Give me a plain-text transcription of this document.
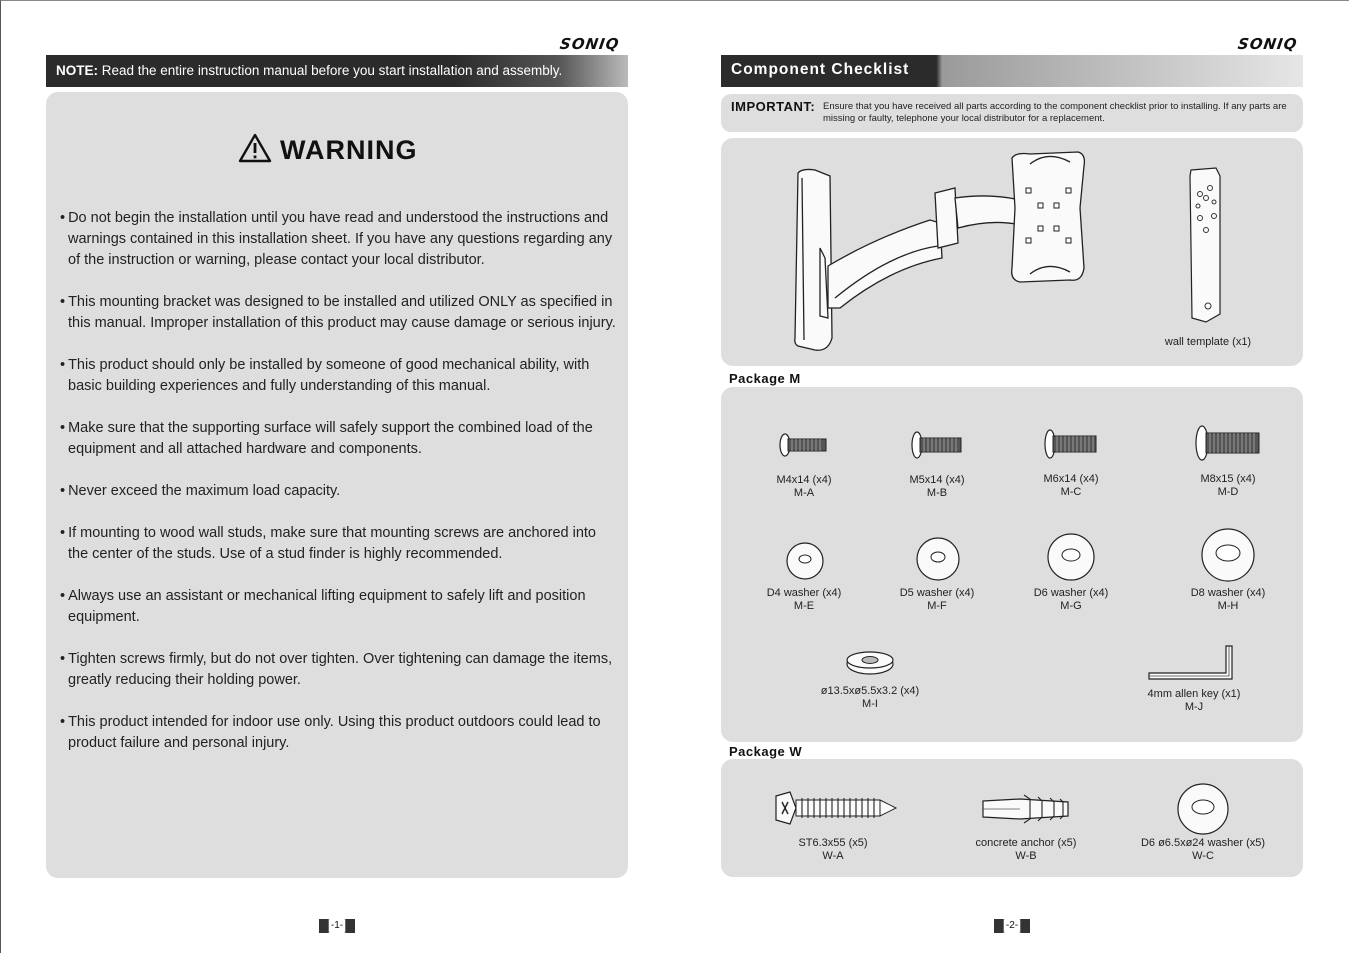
SONIQ
NOTE: Read the entire instruction manual before you start installation and assembly.
WARNING
• Do not begin the installation until you have read and understood the instructions and warnings contained in this installation sheet. If you have any questions regarding any of the instruction or warning, please contact your local distributor.
• This mounting bracket was designed to be installed and utilized ONLY as specified in this manual. Improper installation of this product may cause damage or serious injury.
• This product should only be installed by someone of good mechanical ability, with basic building experiences and fully understanding of this manual.
• Make sure that the supporting surface will safely support the combined load of the equipment and all attached hardware and components.
• Never exceed the maximum load capacity.
• If mounting to wood wall studs, make sure that mounting screws are anchored into the center of the studs. Use of a stud finder is highly recommended.
• Always use an assistant or mechanical lifting equipment to safely lift and position equipment.
• Tighten screws firmly, but do not over tighten. Over tightening can damage the items, greatly reducing their holding power.
• This product intended for indoor use only. Using this product outdoors could lead to product failure and personal injury.
-1-
SONIQ
Component Checklist
IMPORTANT: Ensure that you have received all parts according to the component checklist prior to installing. If any parts are missing or faulty, telephone your local distributor for a replacement.
wall template (x1)
Package M
M4x14 (x4)
M-A
M5x14 (x4)
M-B
M6x14 (x4)
M-C
M8x15 (x4)
M-D
D4 washer (x4)
M-E
D5 washer (x4)
M-F
D6 washer (x4)
M-G
D8 washer (x4)
M-H
ø13.5xø5.5x3.2 (x4)
M-I
4mm allen key (x1)
M-J
Package W
ST6.3x55 (x5)
W-A
concrete anchor (x5)
W-B
D6 ø6.5xø24 washer (x5)
W-C
-2-
